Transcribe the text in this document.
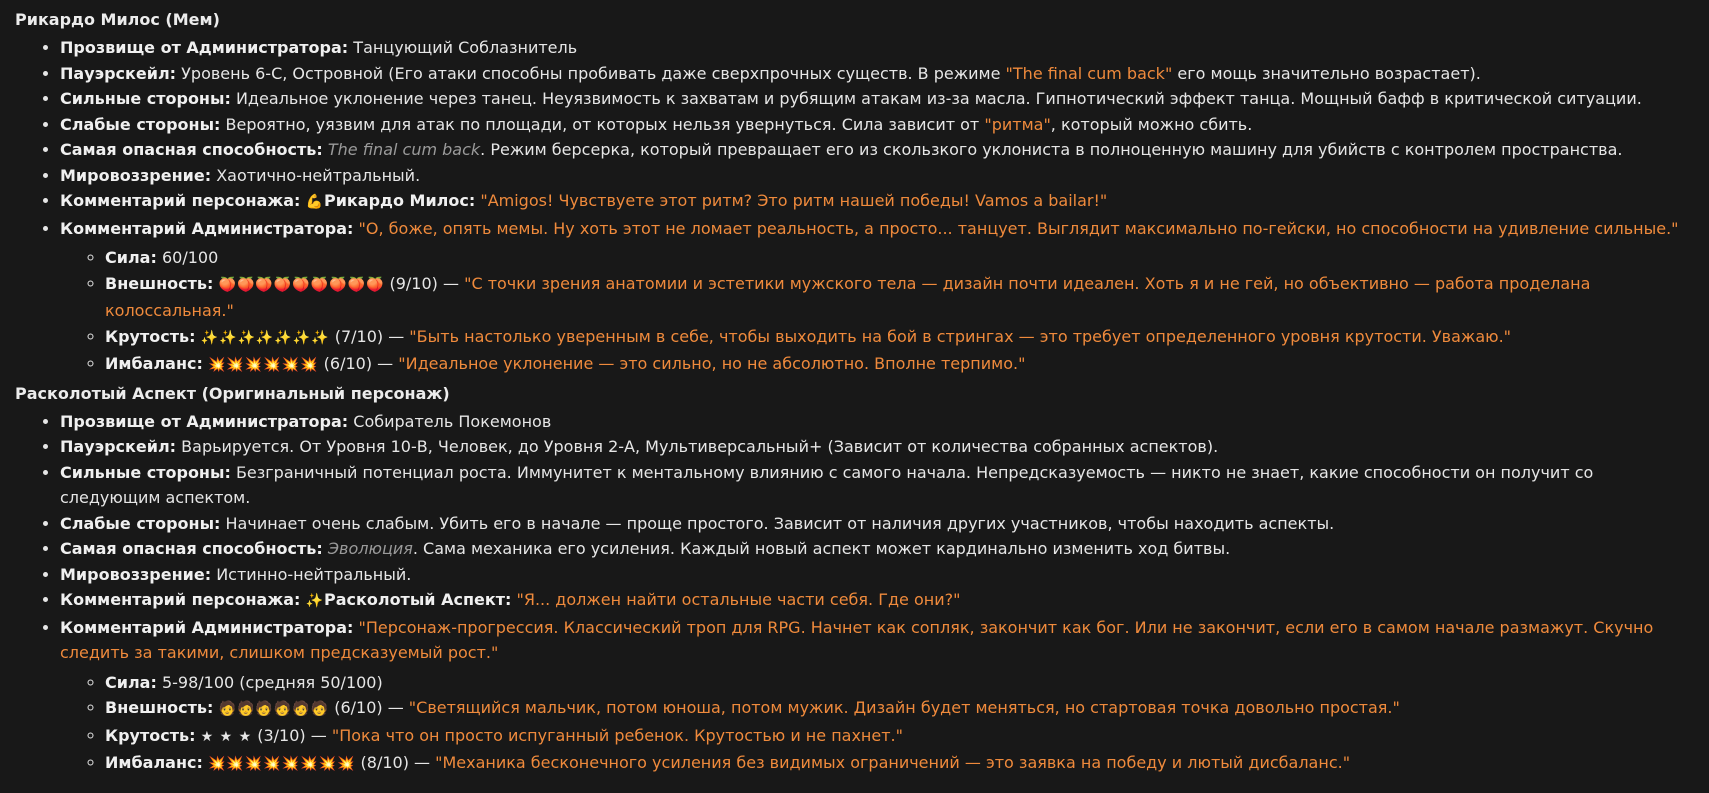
Рикардо Милос (Мем)
• Прозвище от Администратора: Танцующий Соблазнитель
• Пауэрскейл: Уровень 6-C, Островной (Его атаки способны пробивать даже сверхпрочных существ. В режиме "The final cum back" его мощь значительно возрастает).
• Сильные стороны: Идеальное уклонение через танец. Неуязвимость к захватам и рубящим атакам из-за масла. Гипнотический эффект танца. Мощный бафф в критической ситуации.
• Слабые стороны: Вероятно, уязвим для атак по площади, от которых нельзя увернуться. Сила зависит от "ритма", который можно сбить.
• Самая опасная способность: The final cum back. Режим берсерка, который превращает его из скользкого уклониста в полноценную машину для убийств с контролем пространства.
• Мировоззрение: Хаотично-нейтральный.
• Комментарий персонажа: 💪Рикардо Милос: "Amigos! Чувствуете этот ритм? Это ритм нашей победы! Vamos a bailar!"
• Комментарий Администратора: "О, боже, опять мемы. Ну хоть этот не ломает реальность, а просто... танцует. Выглядит максимально по-гейски, но способности на удивление сильные."
◦ Сила: 60/100
◦ Внешность: 🍑🍑🍑🍑🍑🍑🍑🍑🍑 (9/10) — "С точки зрения анатомии и эстетики мужского тела — дизайн почти идеален. Хоть я и не гей, но объективно — работа проделана колоссальная."
◦ Крутость: ✨✨✨✨✨✨✨ (7/10) — "Быть настолько уверенным в себе, чтобы выходить на бой в стрингах — это требует определенного уровня крутости. Уважаю."
◦ Имбаланс: 💥💥💥💥💥💥 (6/10) — "Идеальное уклонение — это сильно, но не абсолютно. Вполне терпимо."
Расколотый Аспект (Оригинальный персонаж)
• Прозвище от Администратора: Собиратель Покемонов
• Пауэрскейл: Варьируется. От Уровня 10-B, Человек, до Уровня 2-A, Мультиверсальный+ (Зависит от количества собранных аспектов).
• Сильные стороны: Безграничный потенциал роста. Иммунитет к ментальному влиянию с самого начала. Непредсказуемость — никто не знает, какие способности он получит со следующим аспектом.
• Слабые стороны: Начинает очень слабым. Убить его в начале — проще простого. Зависит от наличия других участников, чтобы находить аспекты.
• Самая опасная способность: Эволюция. Сама механика его усиления. Каждый новый аспект может кардинально изменить ход битвы.
• Мировоззрение: Истинно-нейтральный.
• Комментарий персонажа: ✨Расколотый Аспект: "Я... должен найти остальные части себя. Где они?"
• Комментарий Администратора: "Персонаж-прогрессия. Классический троп для RPG. Начнет как сопляк, закончит как бог. Или не закончит, если его в самом начале размажут. Скучно следить за такими, слишком предсказуемый рост."
◦ Сила: 5-98/100 (средняя 50/100)
◦ Внешность: 🧑🧑🧑🧑🧑🧑 (6/10) — "Светящийся мальчик, потом юноша, потом мужик. Дизайн будет меняться, но стартовая точка довольно простая."
◦ Крутость: ★ ★ ★ (3/10) — "Пока что он просто испуганный ребенок. Крутостью и не пахнет."
◦ Имбаланс: 💥💥💥💥💥💥💥💥 (8/10) — "Механика бесконечного усиления без видимых ограничений — это заявка на победу и лютый дисбаланс."
